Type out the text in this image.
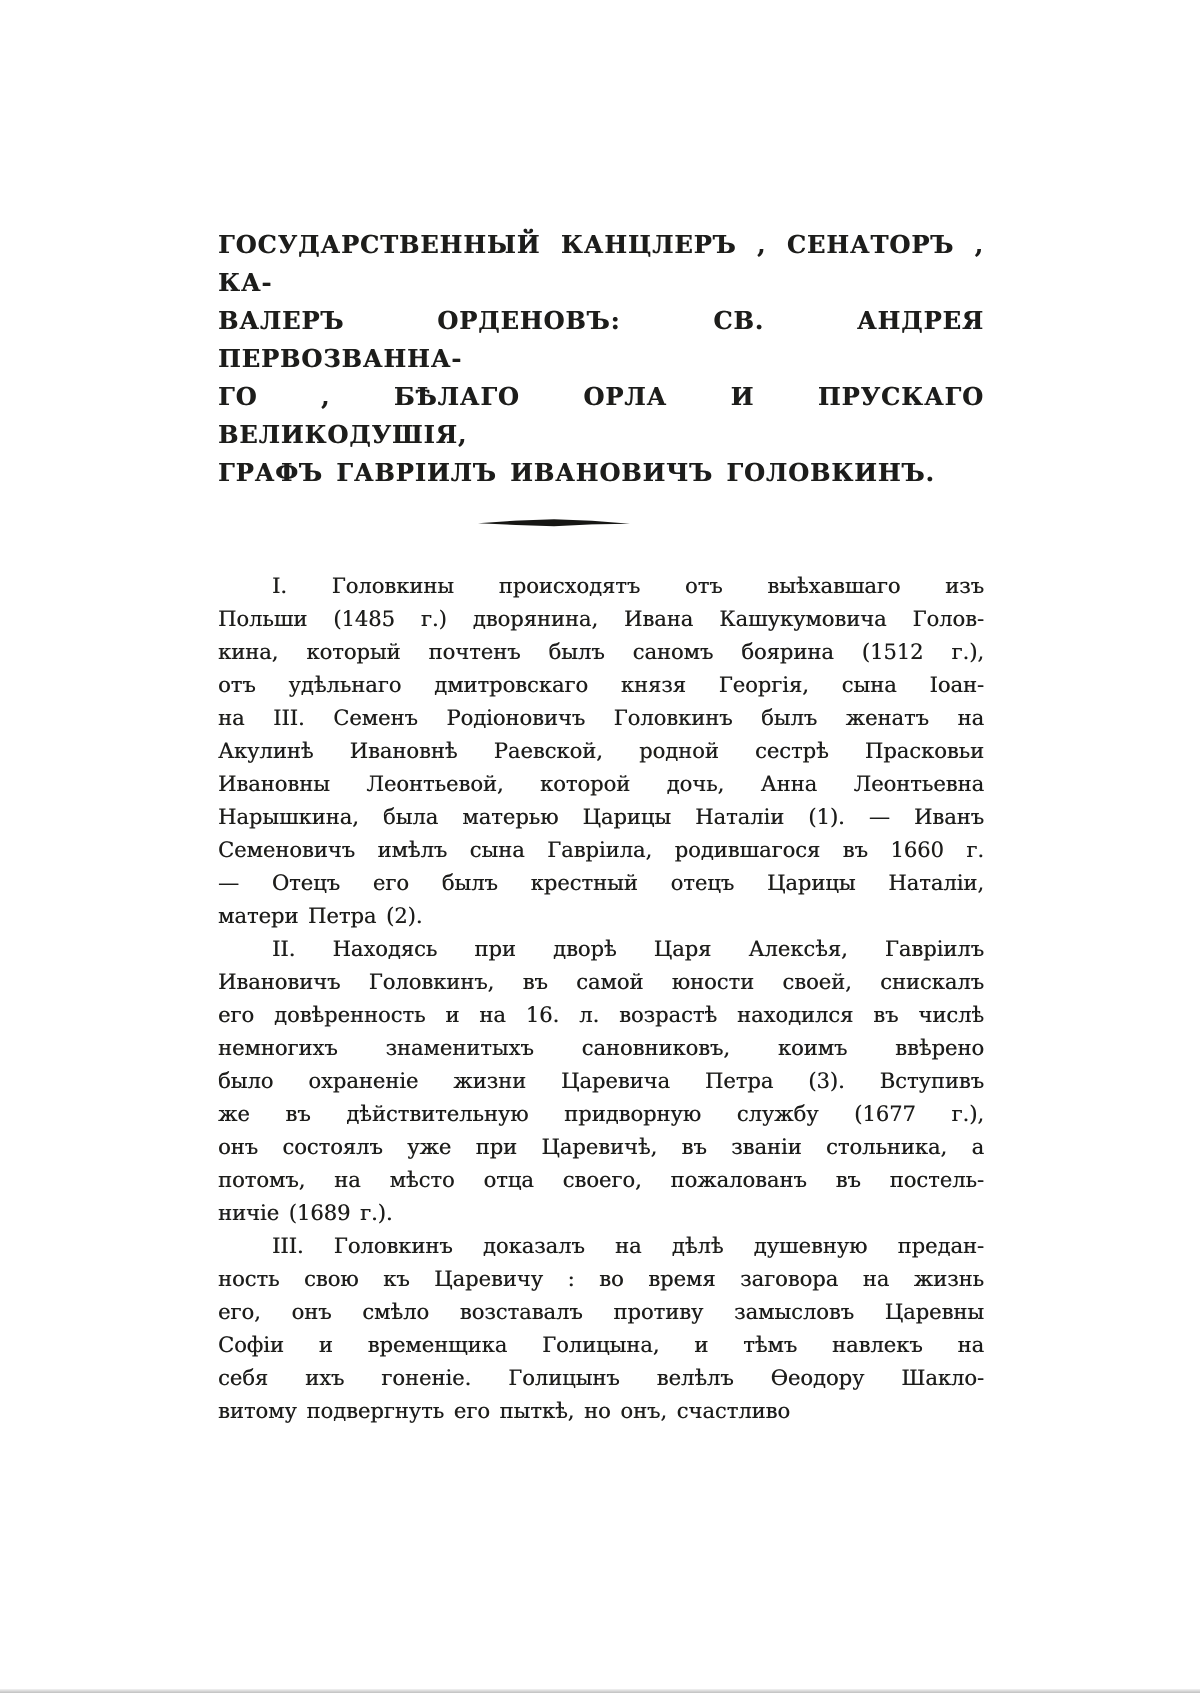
ГОСУДАРСТВЕННЫЙ КАНЦЛЕРЪ , СЕНАТОРЪ , КА-
ВАЛЕРЪ ОРДЕНОВЪ: СВ. АНДРЕЯ ПЕРВОЗВАННА-
ГО , БѢЛАГО ОРЛА И ПРУСКАГО ВЕЛИКОДУШІЯ,
ГРАФЪ ГАВРІИЛЪ ИВАНОВИЧЪ ГОЛОВКИНЪ.
I. Головкины происходятъ отъ выѣхавшаго изъ
Польши (1485 г.) дворянина, Ивана Кашукумовича Голов-
кина, который почтенъ былъ саномъ боярина (1512 г.),
отъ удѣльнаго дмитровскаго князя Георгія, сына Іоан-
на III. Семенъ Родіоновичъ Головкинъ былъ женатъ на
Акулинѣ Ивановнѣ Раевской, родной сестрѣ Прасковьи
Ивановны Леонтьевой, которой дочь, Анна Леонтьевна
Нарышкина, была матерью Царицы Наталіи (1). — Иванъ
Семеновичъ имѣлъ сына Гавріила, родившагося въ 1660 г.
— Отецъ его былъ крестный отецъ Царицы Наталіи,
матери Петра (2).
II. Находясь при дворѣ Царя Алексѣя, Гавріилъ
Ивановичъ Головкинъ, въ самой юности своей, снискалъ
его довѣренность и на 16. л. возрастѣ находился въ числѣ
немногихъ знаменитыхъ сановниковъ, коимъ ввѣрено
было охраненіе жизни Царевича Петра (3). Вступивъ
же въ дѣйствительную придворную службу (1677 г.),
онъ состоялъ уже при Царевичѣ, въ званіи стольника, а
потомъ, на мѣсто отца своего, пожалованъ въ постель-
ничіе (1689 г.).
III. Головкинъ доказалъ на дѣлѣ душевную предан-
ность свою къ Царевичу : во время заговора на жизнь
его, онъ смѣло возставалъ противу замысловъ Царевны
Софіи и временщика Голицына, и тѣмъ навлекъ на
себя ихъ гоненіе. Голицынъ велѣлъ Ѳеодору Шакло-
витому подвергнуть его пыткѣ, но онъ, счастливо
